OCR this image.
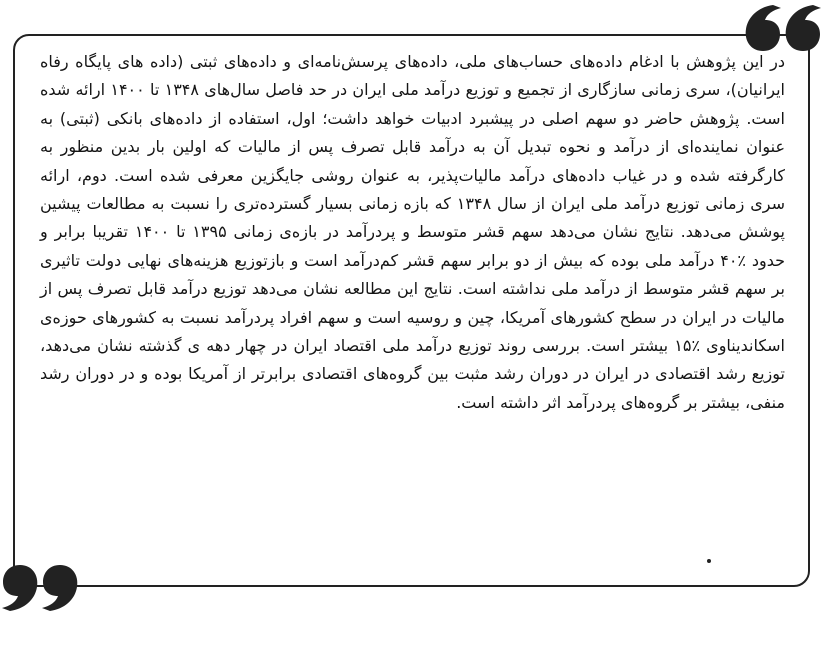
در این پژوهش با ادغام داده‌های حساب‌های ملی، داده‌های پرسش‌نامه‌ای و داده‌های ثبتی (داده های پایگاه رفاه ایرانیان)، سری زمانی سازگاری از تجمیع و توزیع درآمد ملی ایران در حد فاصل سال‌های ۱۳۴۸ تا ۱۴۰۰ ارائه شده است. پژوهش حاضر دو سهم اصلی در پیشبرد ادبیات خواهد داشت؛ اول، استفاده از داده‌های بانکی (ثبتی) به عنوان نماینده‌ای از درآمد و نحوه تبدیل آن به درآمد قابل تصرف پس از مالیات که اولین بار بدین منظور به کارگرفته شده و در غیاب داده‌های درآمد مالیات‌پذیر، به عنوان روشی جایگزین معرفی شده است. دوم، ارائه سری زمانی توزیع درآمد ملی ایران از سال ۱۳۴۸ که بازه زمانی بسیار گسترده‌تری را نسبت به مطالعات پیشین پوشش می‌دهد. نتایج نشان می‌دهد سهم قشر متوسط و پردرآمد در بازه‌ی زمانی ۱۳۹۵ تا ۱۴۰۰ تقریبا برابر و حدود ٪۴۰ درآمد ملی بوده که بیش از دو برابر سهم قشر کم‌درآمد است و بازتوزیع هزینه‌های نهایی دولت تاثیری بر سهم قشر متوسط از درآمد ملی نداشته است. نتایج این مطالعه نشان می‌دهد توزیع درآمد قابل تصرف پس از مالیات در ایران در سطح کشورهای آمریکا، چین و روسیه است و سهم افراد پردرآمد نسبت به کشورهای حوزه‌ی اسکاندیناوی ٪۱۵ بیشتر است. بررسی روند توزیع درآمد ملی اقتصاد ایران در چهار دهه ی گذشته نشان می‌دهد، توزیع رشد اقتصادی در ایران در دوران رشد مثبت بین گروه‌های اقتصادی برابرتر از آمریکا بوده و در دوران رشد منفی، بیشتر بر گروه‌های پردرآمد اثر داشته است.
